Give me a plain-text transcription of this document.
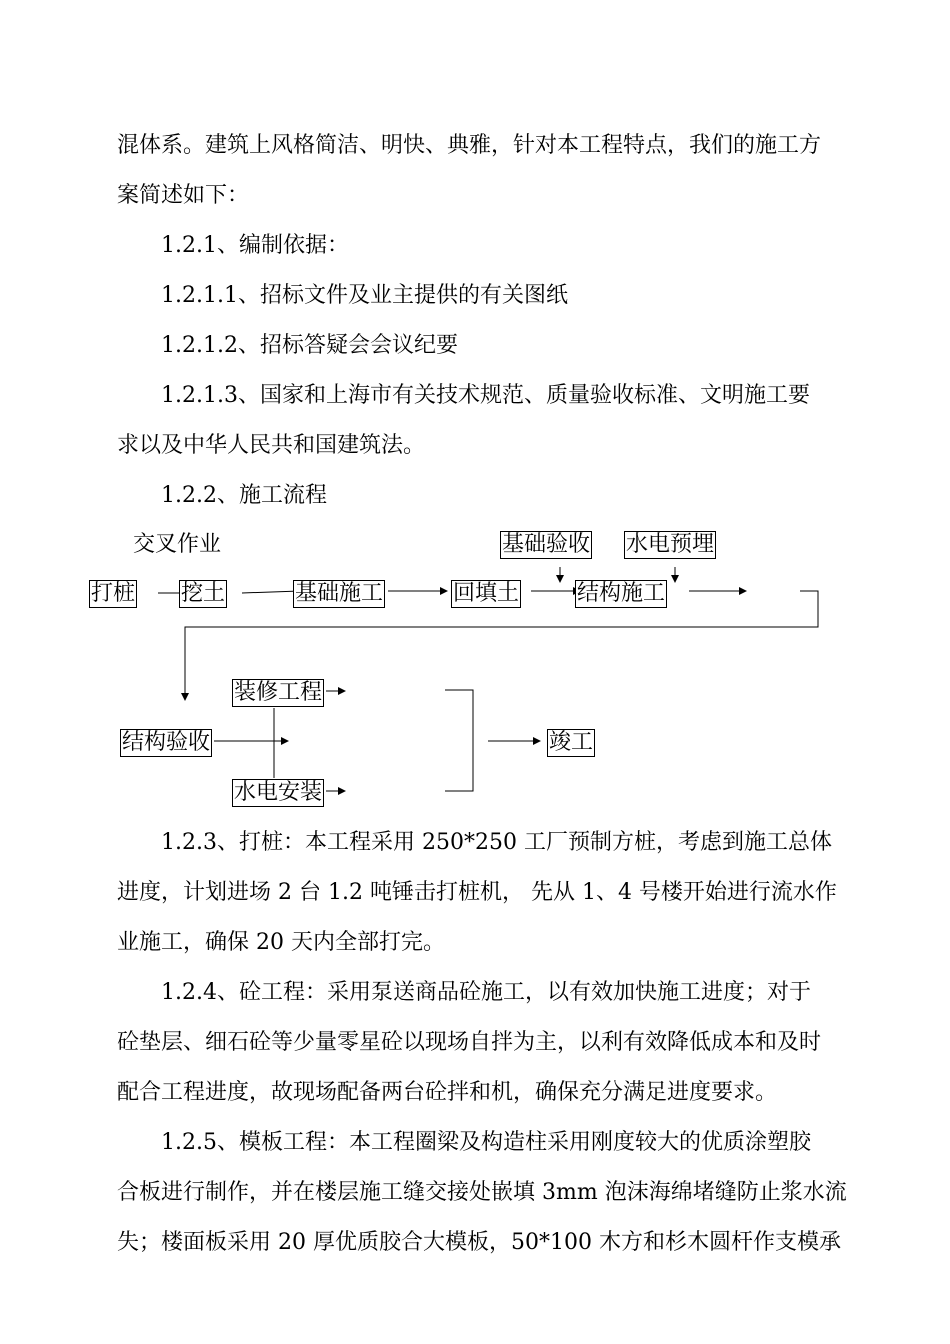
混体系。建筑上风格简洁、明快、典雅，针对本工程特点，我们的施工方
案简述如下：
1.2.1、编制依据：
1.2.1.1、招标文件及业主提供的有关图纸
1.2.1.2、招标答疑会会议纪要
1.2.1.3、国家和上海市有关技术规范、质量验收标准、文明施工要
求以及中华人民共和国建筑法。
1.2.2、施工流程
交叉作业	基础验收 水电预埋
打桩 挖土	基础施工	回填土	结构施工
装修工程
结构验收
水电安装
竣工
1.2.3、打桩：本工程采用 250*250 工厂预制方桩，考虑到施工总体
进度，计划进场 2 台 1.2 吨锤击打桩机， 先从 1、4 号楼开始进行流水作
业施工，确保 20 天内全部打完。
1.2.4、砼工程：采用泵送商品砼施工，以有效加快施工进度；对于
砼垫层、细石砼等少量零星砼以现场自拌为主，以利有效降低成本和及时
配合工程进度，故现场配备两台砼拌和机，确保充分满足进度要求。
1.2.5、模板工程：本工程圈梁及构造柱采用刚度较大的优质涂塑胶
合板进行制作，并在楼层施工缝交接处嵌填 3mm 泡沫海绵堵缝防止浆水流
失；楼面板采用 20 厚优质胶合大模板，50*100 木方和杉木圆杆作支模承
